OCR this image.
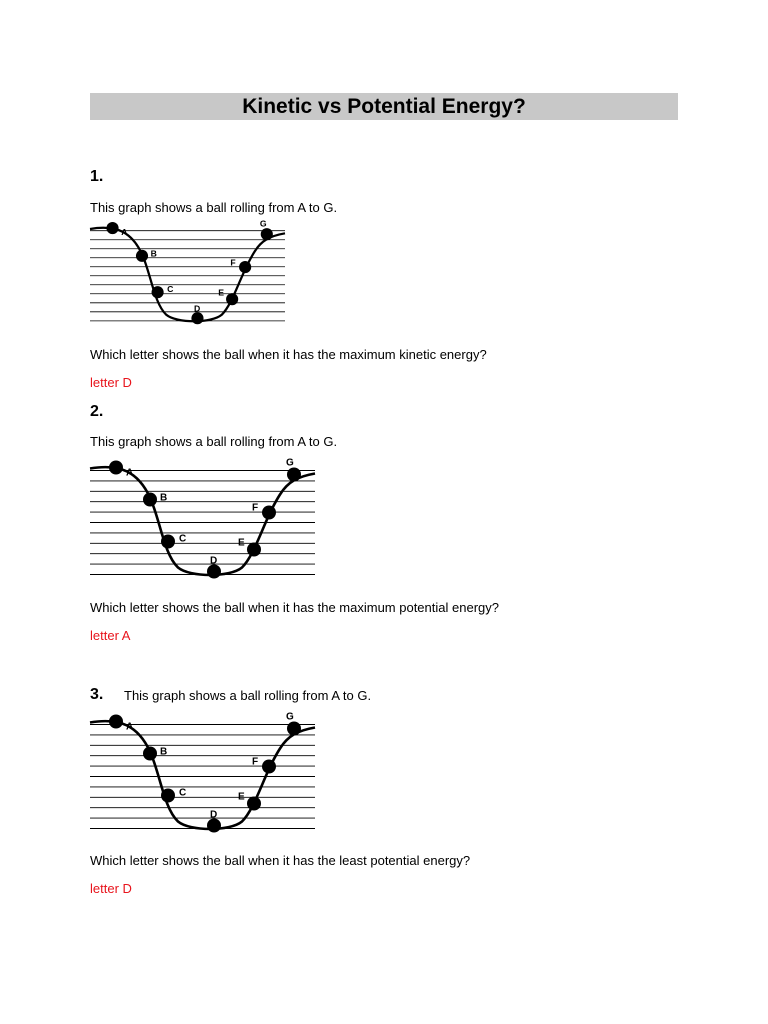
Kinetic vs Potential Energy?
1.
This graph shows a ball rolling from A to G.
A
B
C
D
E
F
G
Which letter shows the ball when it has the maximum kinetic energy?
letter D
2.
This graph shows a ball rolling from A to G.
A
B
C
D
E
F
G
Which letter shows the ball when it has the maximum potential energy?
letter A
3. This graph shows a ball rolling from A to G.
A
B
C
D
E
F
G
Which letter shows the ball when it has the least potential energy?
letter D
